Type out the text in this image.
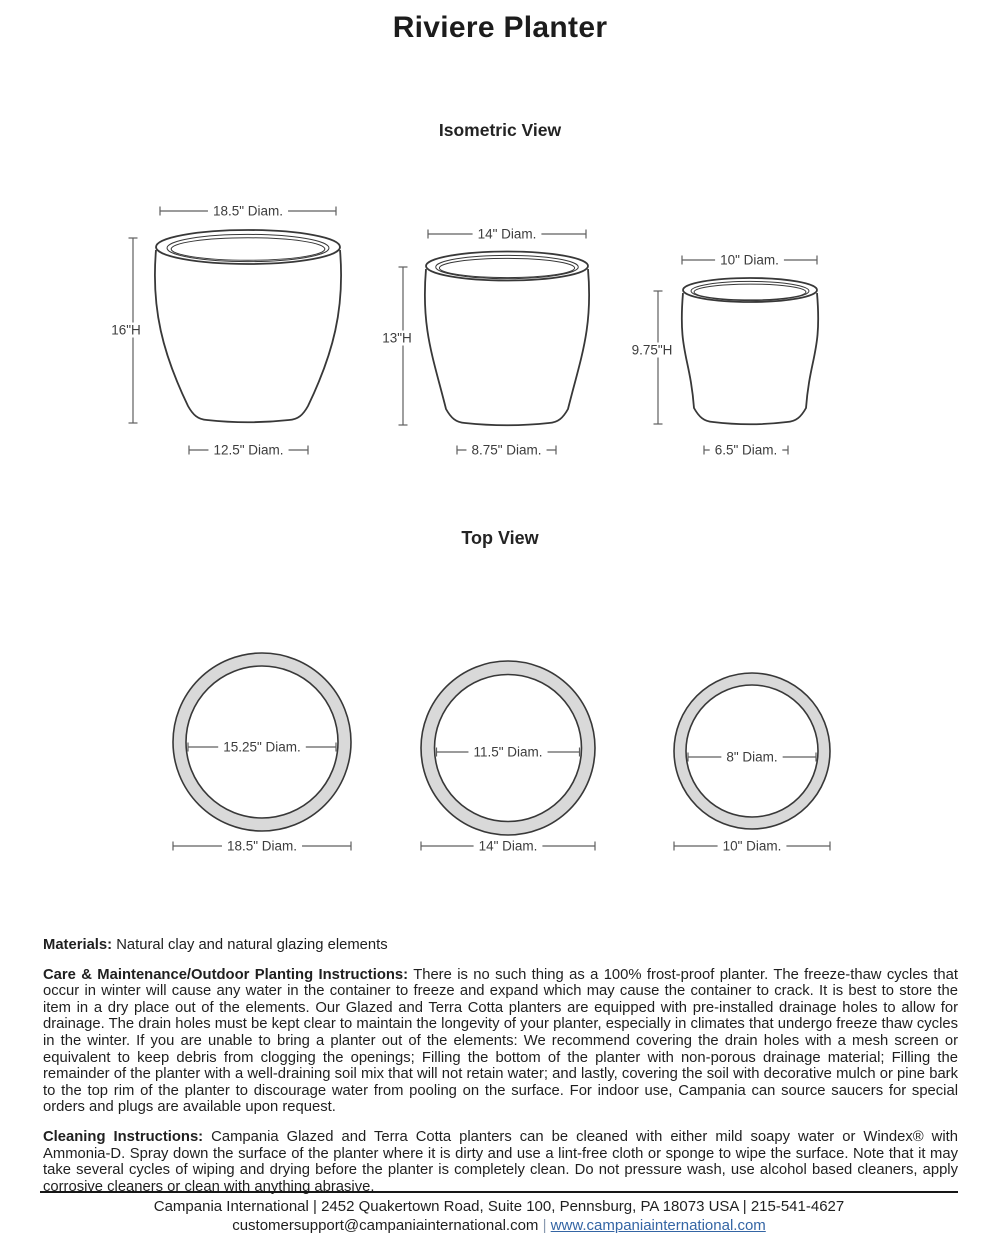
Riviere Planter
Isometric View
18.5" Diam.
12.5" Diam.
16"H
14" Diam.
8.75" Diam.
13"H
10" Diam.
6.5" Diam.
9.75"H
Top View
15.25" Diam.
18.5" Diam.
11.5" Diam.
14" Diam.
8" Diam.
10" Diam.

Materials: Natural clay and natural glazing elements

Care & Maintenance/Outdoor Planting Instructions: There is no such thing as a 100% frost-proof planter. The freeze-thaw cycles that occur in winter will cause any water in the container to freeze and expand which may cause the container to crack. It is best to store the item in a dry place out of the elements. Our Glazed and Terra Cotta planters are equipped with pre-installed drainage holes to allow for drainage. The drain holes must be kept clear to maintain the longevity of your planter, especially in climates that undergo freeze thaw cycles in the winter. If you are unable to bring a planter out of the elements: We recommend covering the drain holes with a mesh screen or equivalent to keep debris from clogging the openings; Filling the bottom of the planter with non-porous drainage material; Filling the remainder of the planter with a well-draining soil mix that will not retain water; and lastly, covering the soil with decorative mulch or pine bark to the top rim of the planter to discourage water from pooling on the surface. For indoor use, Campania can source saucers for special orders and plugs are available upon request.

Cleaning Instructions: Campania Glazed and Terra Cotta planters can be cleaned with either mild soapy water or Windex® with Ammonia-D. Spray down the surface of the planter where it is dirty and use a lint-free cloth or sponge to wipe the surface. Note that it may take several cycles of wiping and drying before the planter is completely clean. Do not pressure wash, use alcohol based cleaners, apply corrosive cleaners or clean with anything abrasive.

Campania International | 2452 Quakertown Road, Suite 100, Pennsburg, PA 18073 USA | 215-541-4627
customersupport@campaniainternational.com | www.campaniainternational.com
